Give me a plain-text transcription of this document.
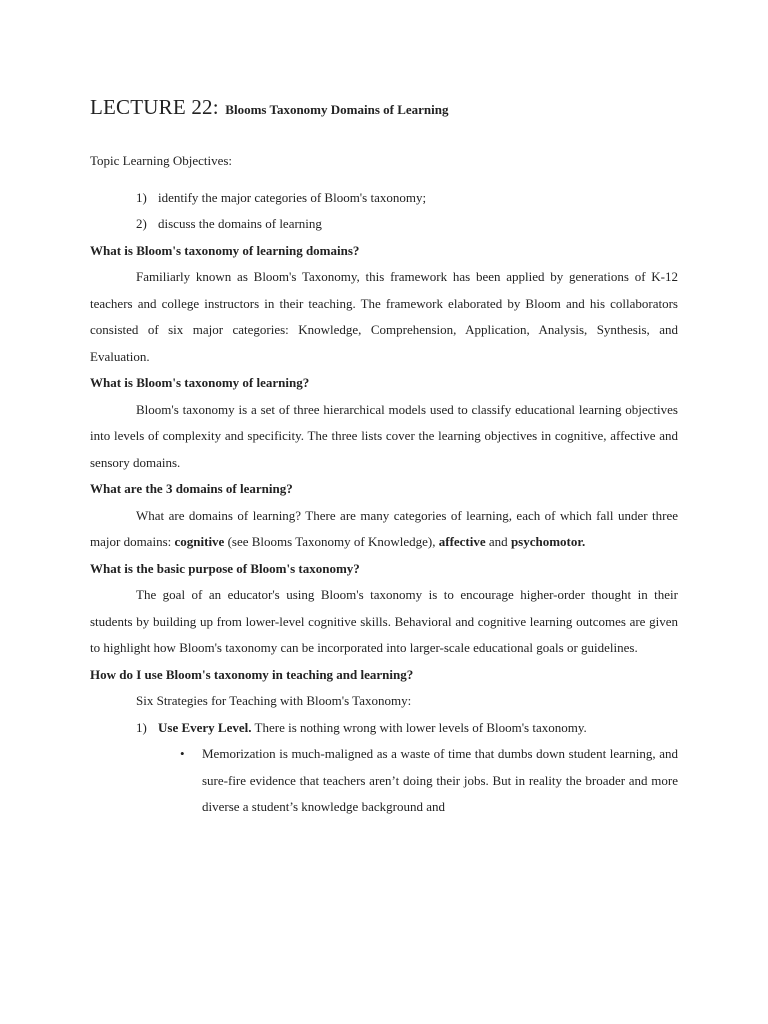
LECTURE 22: Blooms Taxonomy Domains of Learning

Topic Learning Objectives:

1) identify the major categories of Bloom's taxonomy;
2) discuss the domains of learning

What is Bloom's taxonomy of learning domains?

Familiarly known as Bloom's Taxonomy, this framework has been applied by generations of K-12 teachers and college instructors in their teaching. The framework elaborated by Bloom and his collaborators consisted of six major categories: Knowledge, Comprehension, Application, Analysis, Synthesis, and Evaluation.

What is Bloom's taxonomy of learning?

Bloom's taxonomy is a set of three hierarchical models used to classify educational learning objectives into levels of complexity and specificity. The three lists cover the learning objectives in cognitive, affective and sensory domains.

What are the 3 domains of learning?

What are domains of learning? There are many categories of learning, each of which fall under three major domains: cognitive (see Blooms Taxonomy of Knowledge), affective and psychomotor.

What is the basic purpose of Bloom's taxonomy?

The goal of an educator's using Bloom's taxonomy is to encourage higher-order thought in their students by building up from lower-level cognitive skills. Behavioral and cognitive learning outcomes are given to highlight how Bloom's taxonomy can be incorporated into larger-scale educational goals or guidelines.

How do I use Bloom's taxonomy in teaching and learning?

Six Strategies for Teaching with Bloom's Taxonomy:

1) Use Every Level. There is nothing wrong with lower levels of Bloom's taxonomy.

• Memorization is much-maligned as a waste of time that dumbs down student learning, and sure-fire evidence that teachers aren’t doing their jobs. But in reality the broader and more diverse a student’s knowledge background and
